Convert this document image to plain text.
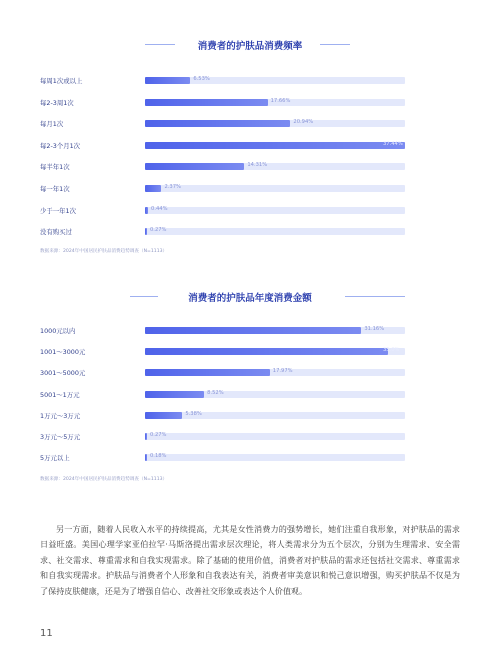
消费者的护肤品消费频率
每周1次或以上	6.53%
每2-3周1次	17.66%
每月1次	20.94%
每2-3个月1次	37.44%
每半年1次	14.31%
每一年1次	2.37%
少于一年1次	0.44%
没有购买过	0.27%
数据来源：2024年中国居民护肤品消费趋势调查（N=1113）
消费者的护肤品年度消费金额
1000元以内	31.16%
1001～3000元	35.0%
3001～5000元	17.97%
5001～1万元	8.52%
1万元～3万元	5.38%
3万元～5万元	0.27%
5万元以上	0.18%
数据来源：2024年中国居民护肤品消费趋势调查（N=1113）
另一方面，随着人民收入水平的持续提高，尤其是女性消费力的强势增长，她们注重自我形象，对护肤品的需求日益旺盛。美国心理学家亚伯拉罕·马斯洛提出需求层次理论，将人类需求分为五个层次，分别为生理需求、安全需求、社交需求、尊重需求和自我实现需求。除了基础的使用价值，消费者对护肤品的需求还包括社交需求、尊重需求和自我实现需求。护肤品与消费者个人形象和自我表达有关，消费者审美意识和悦己意识增强，购买护肤品不仅是为了保持皮肤健康，还是为了增强自信心、改善社交形象或表达个人价值观。
11
